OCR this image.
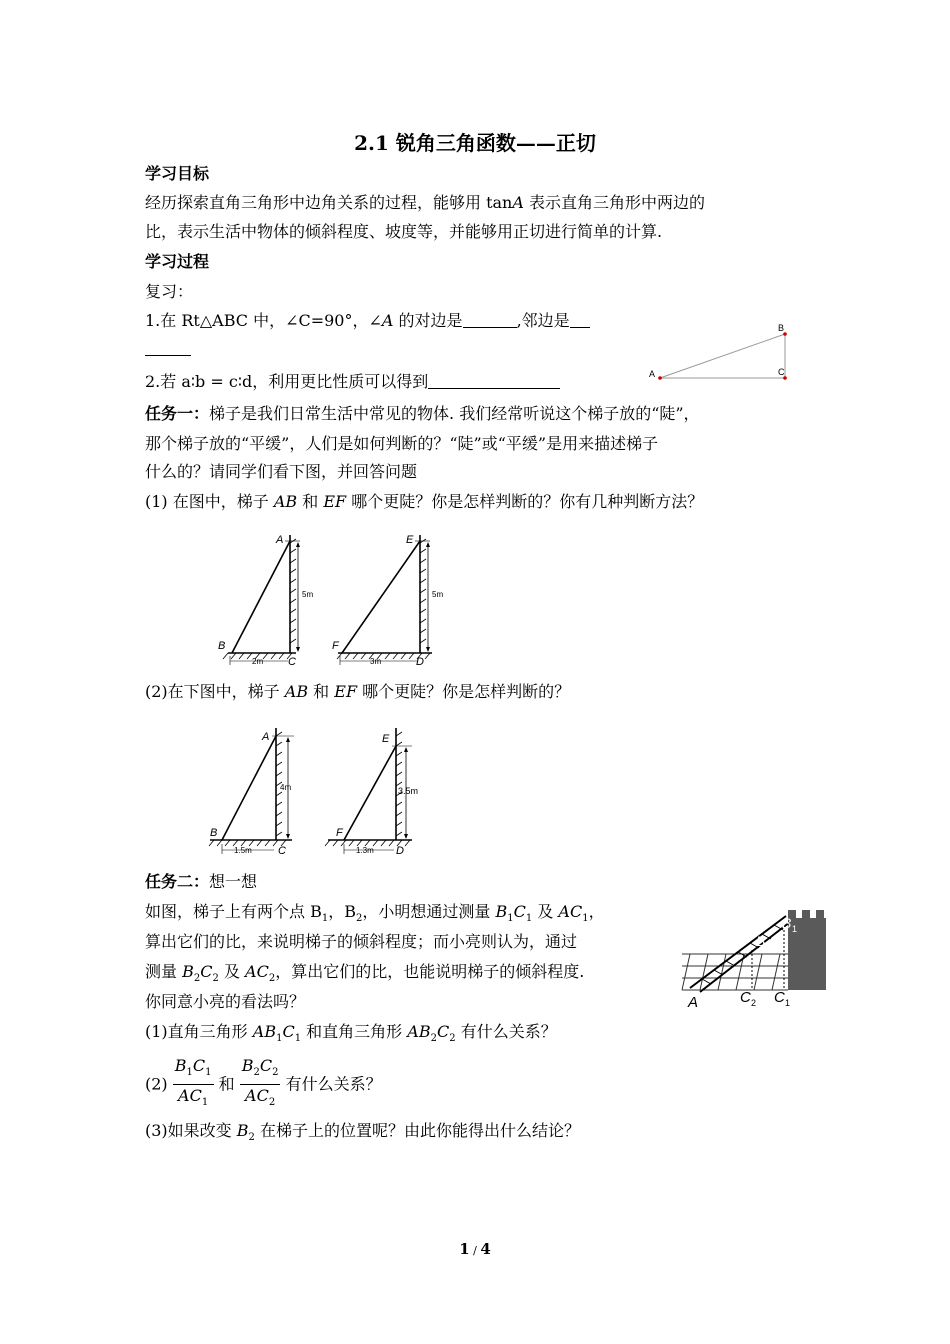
2.1 锐角三角函数——正切
学习目标
经历探索直角三角形中边角关系的过程，能够用 tanA 表示直角三角形中两边的
比，表示生活中物体的倾斜程度、坡度等，并能够用正切进行简单的计算.
学习过程
复习：
1.在 Rt△ABC 中，∠C=90°，∠A 的对边是	,邻边是
2.若 a∶b = c∶d，利用更比性质可以得到	A	C
B
任务一：梯子是我们日常生活中常见的物体. 我们经常听说这个梯子放的“陡”，
那个梯子放的“平缓”，人们是如何判断的？“陡”或“平缓”是用来描述梯子
什么的？请同学们看下图，并回答问题
(1) 在图中，梯子 AB 和 EF 哪个更陡？你是怎样判断的？你有几种判断方法？
A
B
C
5m
2m
E
F
D
5m
3m
(2)在下图中，梯子 AB 和 EF 哪个更陡？你是怎样判断的？
A
B
C
4m
1.5m
E
F
D
3.5m
1.3m
任务二：想一想
如图，梯子上有两个点 $B_1$，$B_2$，小明想通过测量 $B_1C_1$ 及 $AC_1$，
算出它们的比，来说明梯子的倾斜程度；而小亮则认为，通过
测量 $B_2C_2$ 及 $AC_2$，算出它们的比，也能说明梯子的倾斜程度.
你同意小亮的看法吗？	A	C 2 C 1
B 2
B 1
(1)直角三角形 $AB_1C_1$ 和直角三角形 $AB_2C_2$ 有什么关系？
$(2) \frac{B_1C_1}{AC_1}$ 和 $\frac{B_2C_2}{AC_2}$ 有什么关系？
(3)如果改变 $B_2$ 在梯子上的位置呢？由此你能得出什么结论？
1 / 4
